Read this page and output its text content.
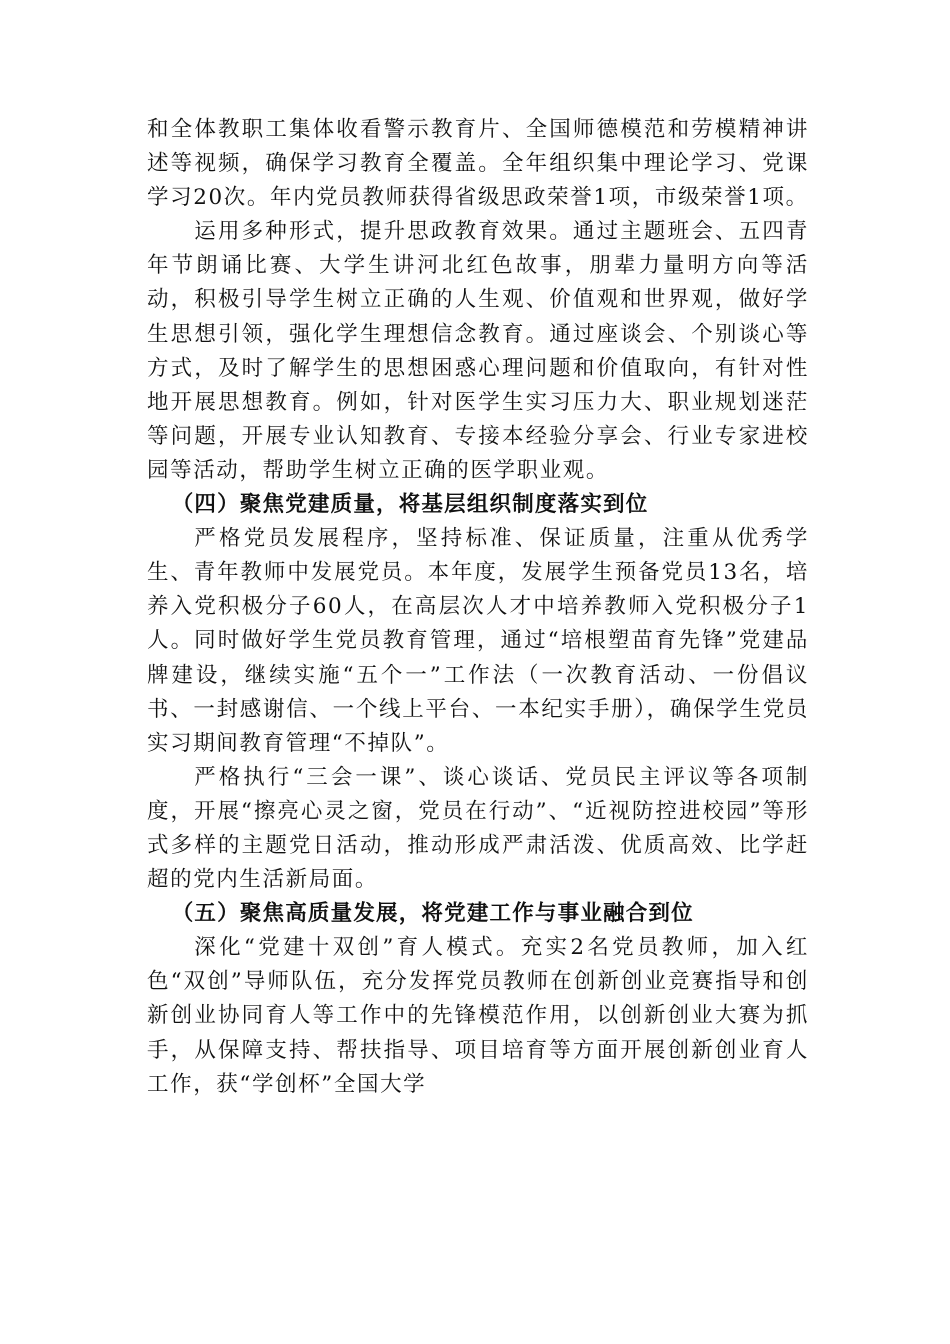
和全体教职工集体收看警示教育片、全国师德模范和劳模精神讲述等视频，确保学习教育全覆盖。全年组织集中理论学习、党课学习20次。年内党员教师获得省级思政荣誉1项，市级荣誉1项。

运用多种形式，提升思政教育效果。通过主题班会、五四青年节朗诵比赛、大学生讲河北红色故事，朋辈力量明方向等活动，积极引导学生树立正确的人生观、价值观和世界观，做好学生思想引领，强化学生理想信念教育。通过座谈会、个别谈心等方式，及时了解学生的思想困惑心理问题和价值取向，有针对性地开展思想教育。例如，针对医学生实习压力大、职业规划迷茫等问题，开展专业认知教育、专接本经验分享会、行业专家进校园等活动，帮助学生树立正确的医学职业观。

（四）聚焦党建质量，将基层组织制度落实到位

严格党员发展程序，坚持标准、保证质量，注重从优秀学生、青年教师中发展党员。本年度，发展学生预备党员13名，培养入党积极分子60人，在高层次人才中培养教师入党积极分子1人。同时做好学生党员教育管理，通过“培根塑苗育先锋”党建品牌建设，继续实施“五个一”工作法（一次教育活动、一份倡议书、一封感谢信、一个线上平台、一本纪实手册），确保学生党员实习期间教育管理“不掉队”。

严格执行“三会一课”、谈心谈话、党员民主评议等各项制度，开展“擦亮心灵之窗，党员在行动”、“近视防控进校园”等形式多样的主题党日活动，推动形成严肃活泼、优质高效、比学赶超的党内生活新局面。

（五）聚焦高质量发展，将党建工作与事业融合到位

深化“党建十双创”育人模式。充实2名党员教师，加入红色“双创”导师队伍，充分发挥党员教师在创新创业竞赛指导和创新创业协同育人等工作中的先锋模范作用，以创新创业大赛为抓手，从保障支持、帮扶指导、项目培育等方面开展创新创业育人工作，获“学创杯”全国大学
